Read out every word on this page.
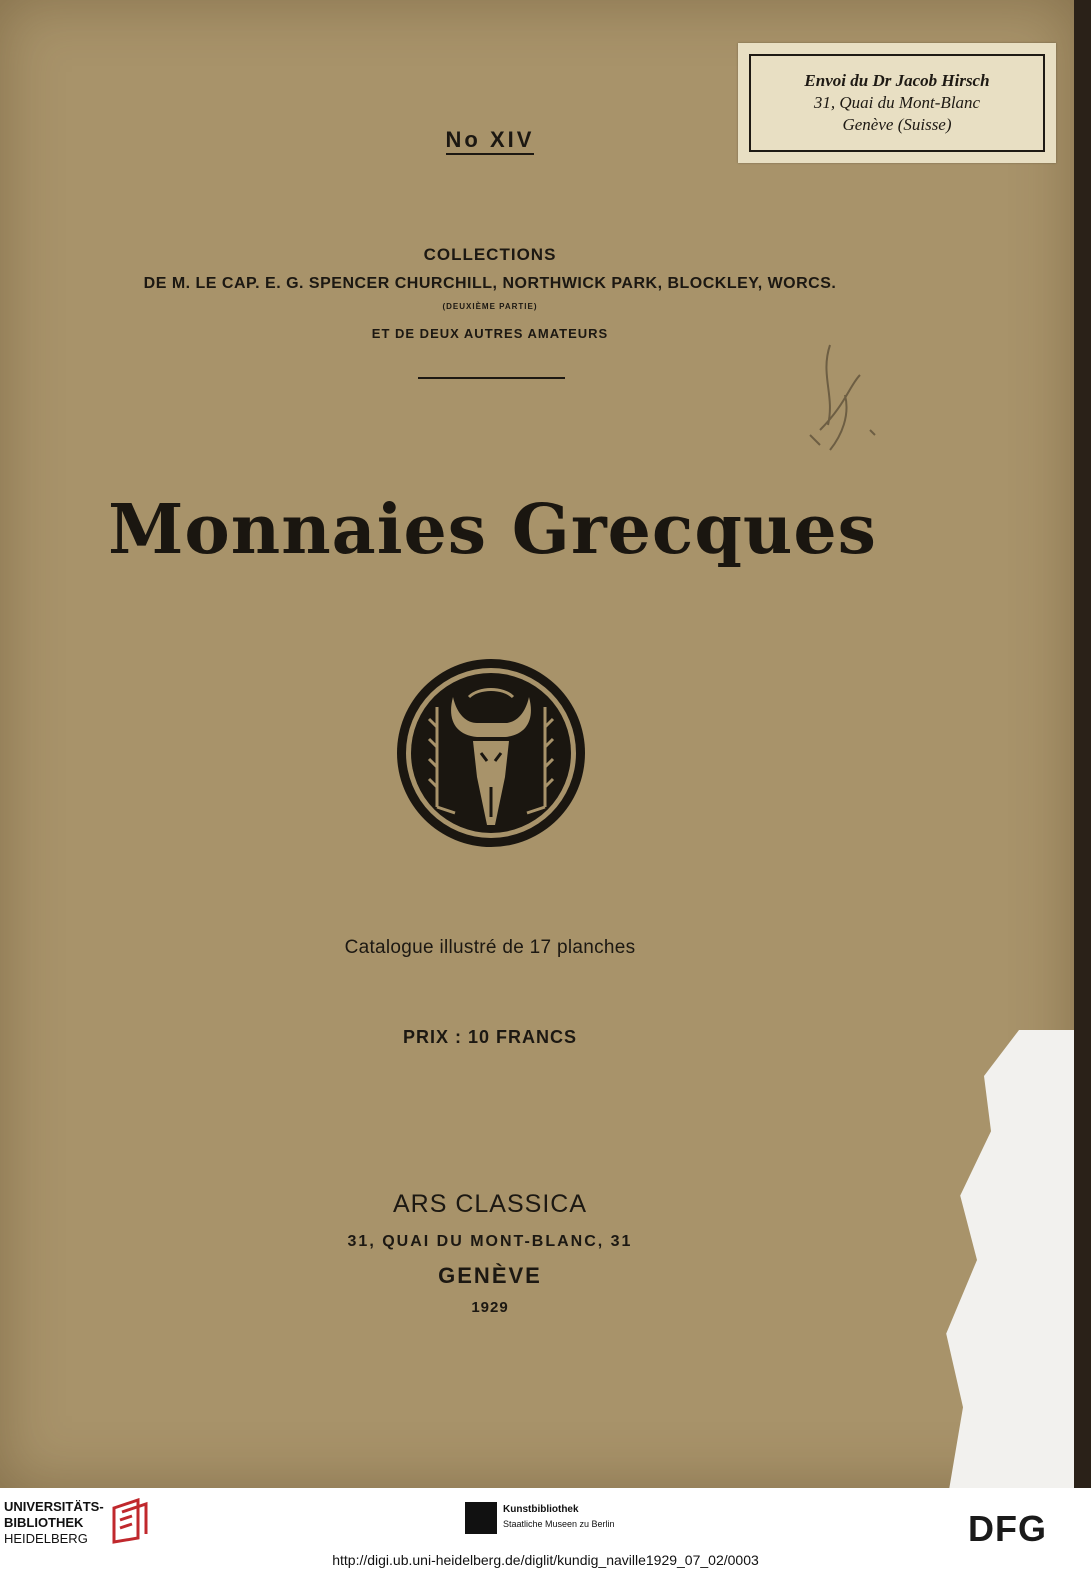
Envoi du Dr Jacob Hirsch
31, Quai du Mont-Blanc
Genève (Suisse)
No XIV
COLLECTIONS
DE M. LE CAP. E. G. SPENCER CHURCHILL, NORTHWICK PARK, BLOCKLEY, WORCS.
(DEUXIÈME PARTIE)
ET DE DEUX AUTRES AMATEURS
Monnaies Grecques
Catalogue illustré de 17 planches
PRIX : 10 FRANCS
ARS CLASSICA
31, QUAI DU MONT-BLANC, 31
GENÈVE
1929
UNIVERSITÄTS-
BIBLIOTHEK
HEIDELBERG
Kunstbibliothek
Staatliche Museen zu Berlin	DFG
http://digi.ub.uni-heidelberg.de/diglit/kundig_naville1929_07_02/0003
